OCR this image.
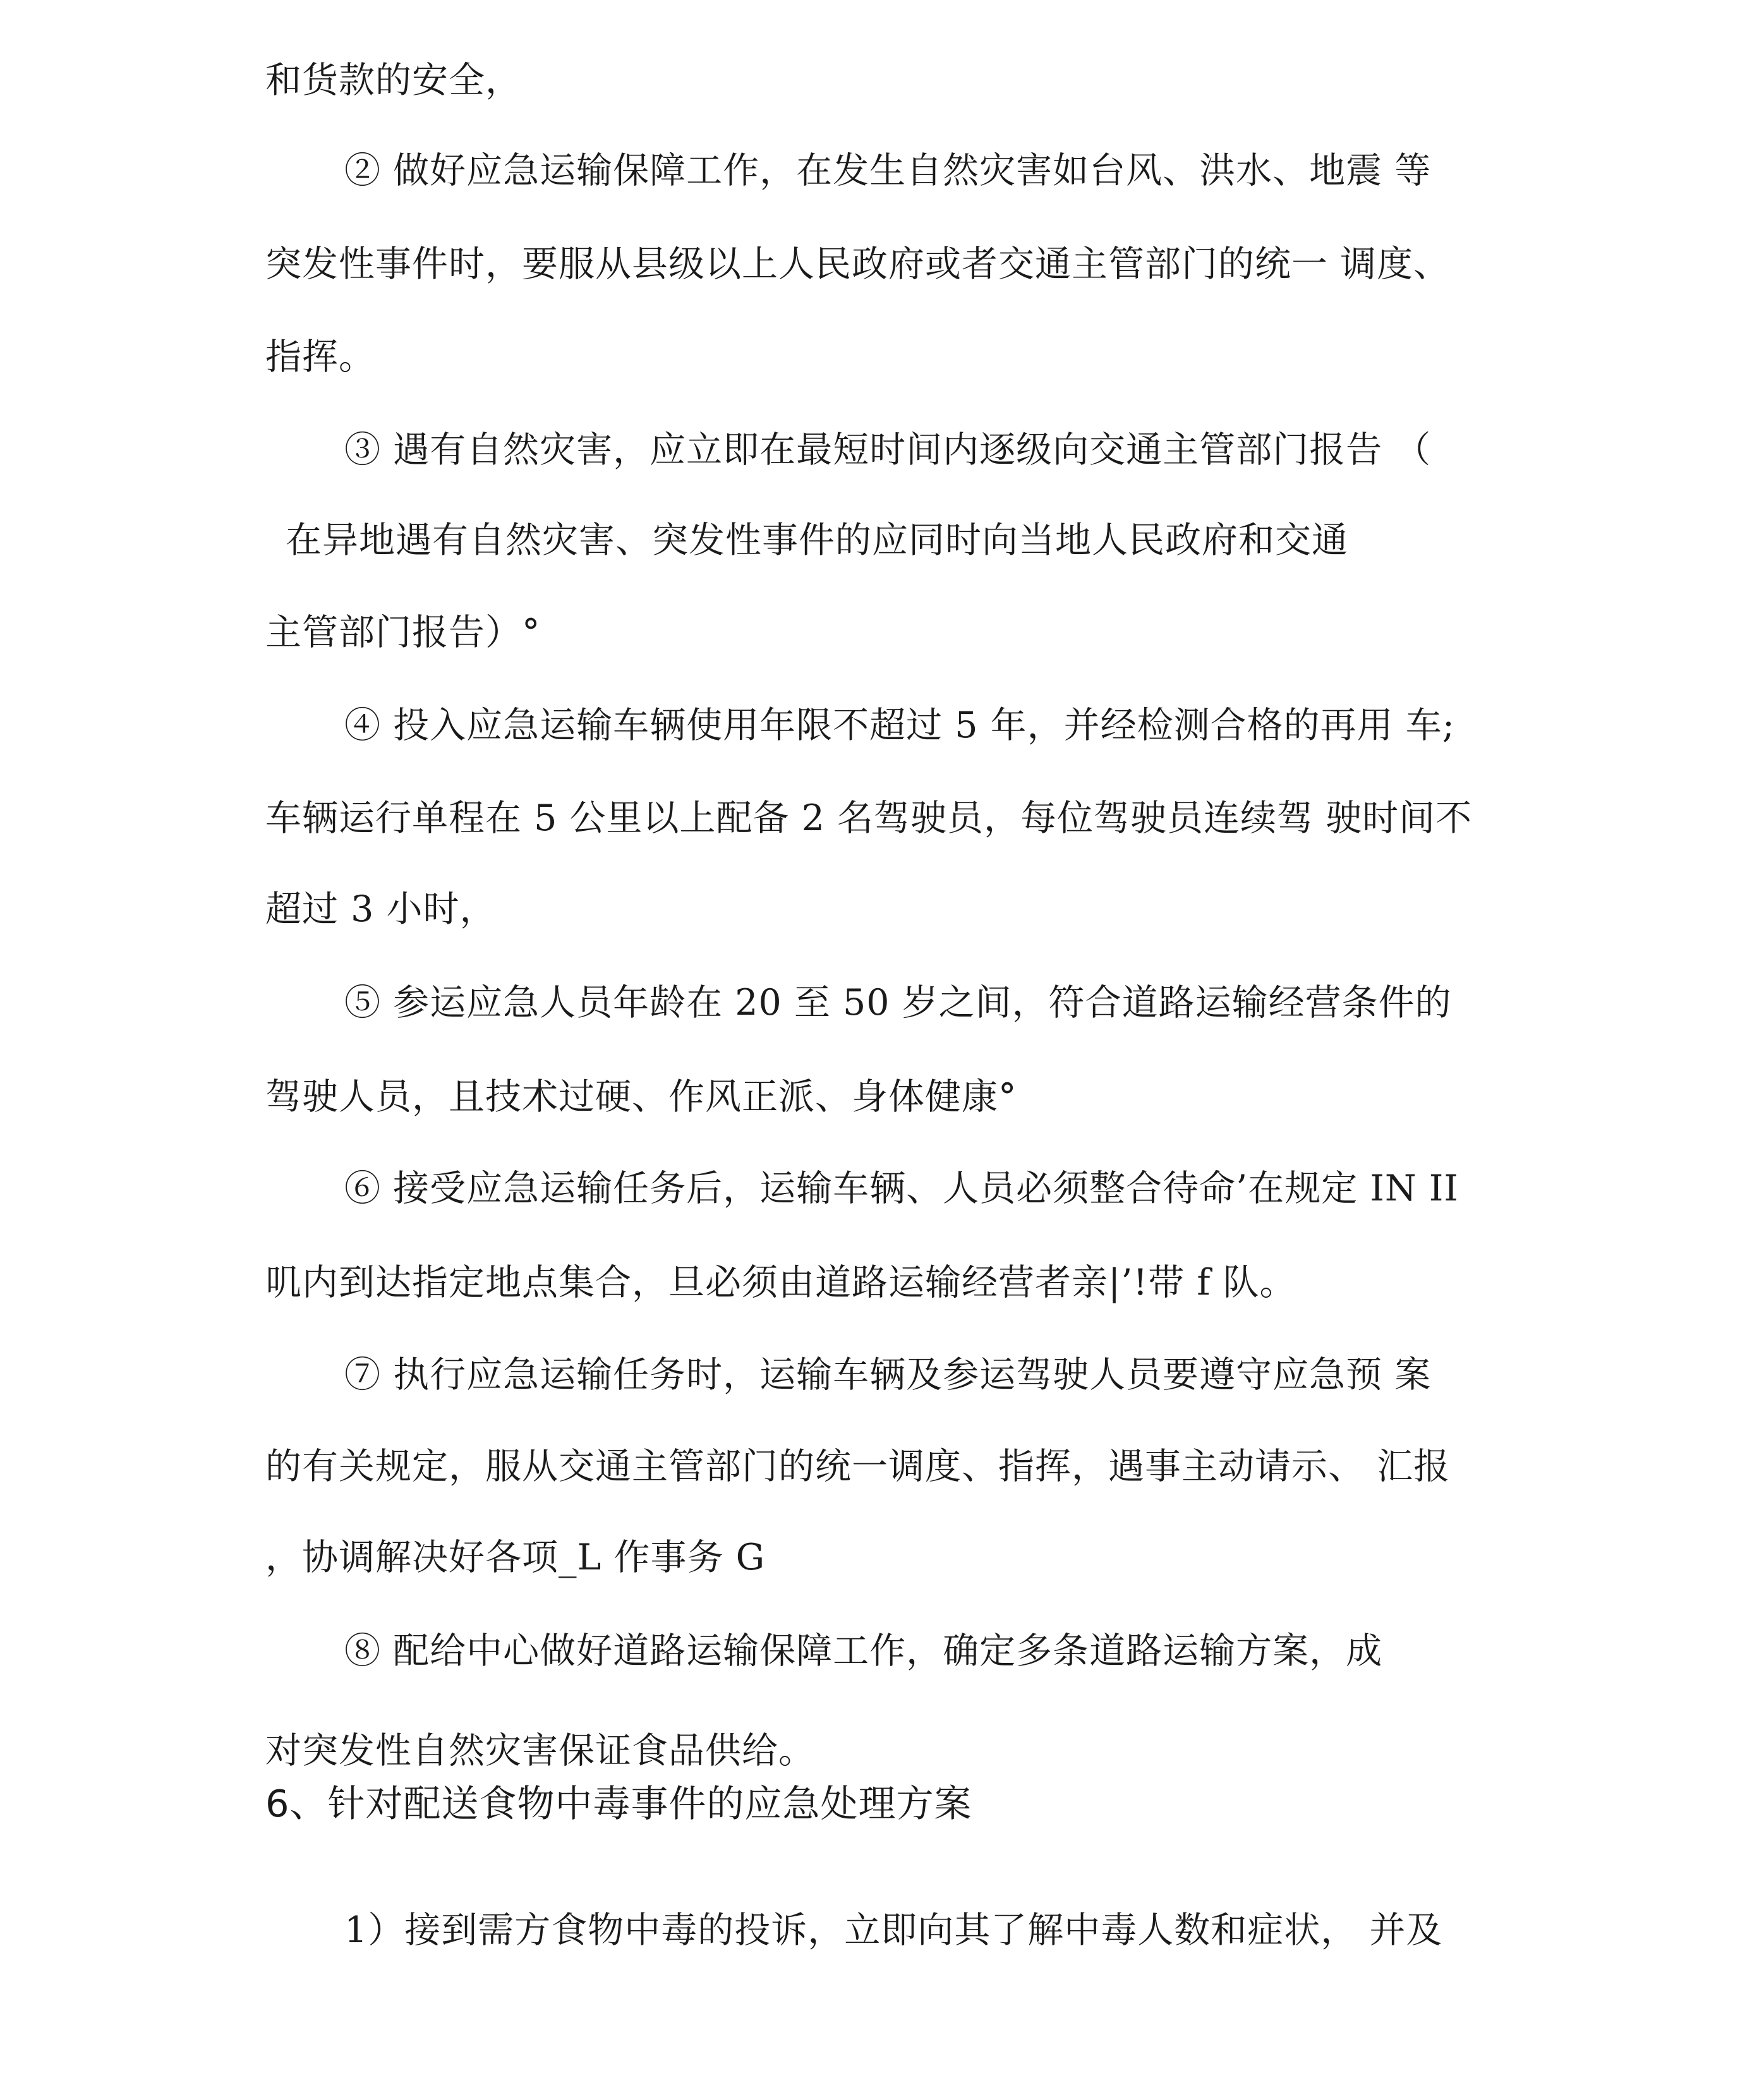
和货款的安全，
② 做好应急运输保障工作，在发生自然灾害如台风、洪水、地震 等
突发性事件时，要服从县级以上人民政府或者交通主管部门的统一 调度、
指挥。
③ 遇有自然灾害，应立即在最短时间内逐级向交通主管部门报告 （
在异地遇有自然灾害、突发性事件的应同时向当地人民政府和交通
主管部门报告）°
④ 投入应急运输车辆使用年限不超过 5 年，并经检测合格的再用 车;
车辆运行单程在 5 公里以上配备 2 名驾驶员，每位驾驶员连续驾 驶时间不
超过 3 小时，
⑤ 参运应急人员年龄在 20 至 50 岁之间，符合道路运输经营条件的
驾驶人员，且技术过硬、作风正派、身体健康°
⑥ 接受应急运输任务后，运输车辆、人员必须整合待命’在规定 IN II
叽内到达指定地点集合，旦必须由道路运输经营者亲|’!带 f 队。
⑦ 执行应急运输任务时，运输车辆及参运驾驶人员要遵守应急预 案
的有关规定，服从交通主管部门的统一调度、指挥，遇事主动请示、 汇报
，协调解决好各项_L 作事务 G
⑧ 配给中心做好道路运输保障工作，确定多条道路运输方案，成
对突发性自然灾害保证食品供给。
6、针对配送食物中毒事件的应急处理方案
1）接到需方食物中毒的投诉，立即向其了解中毒人数和症状， 并及
